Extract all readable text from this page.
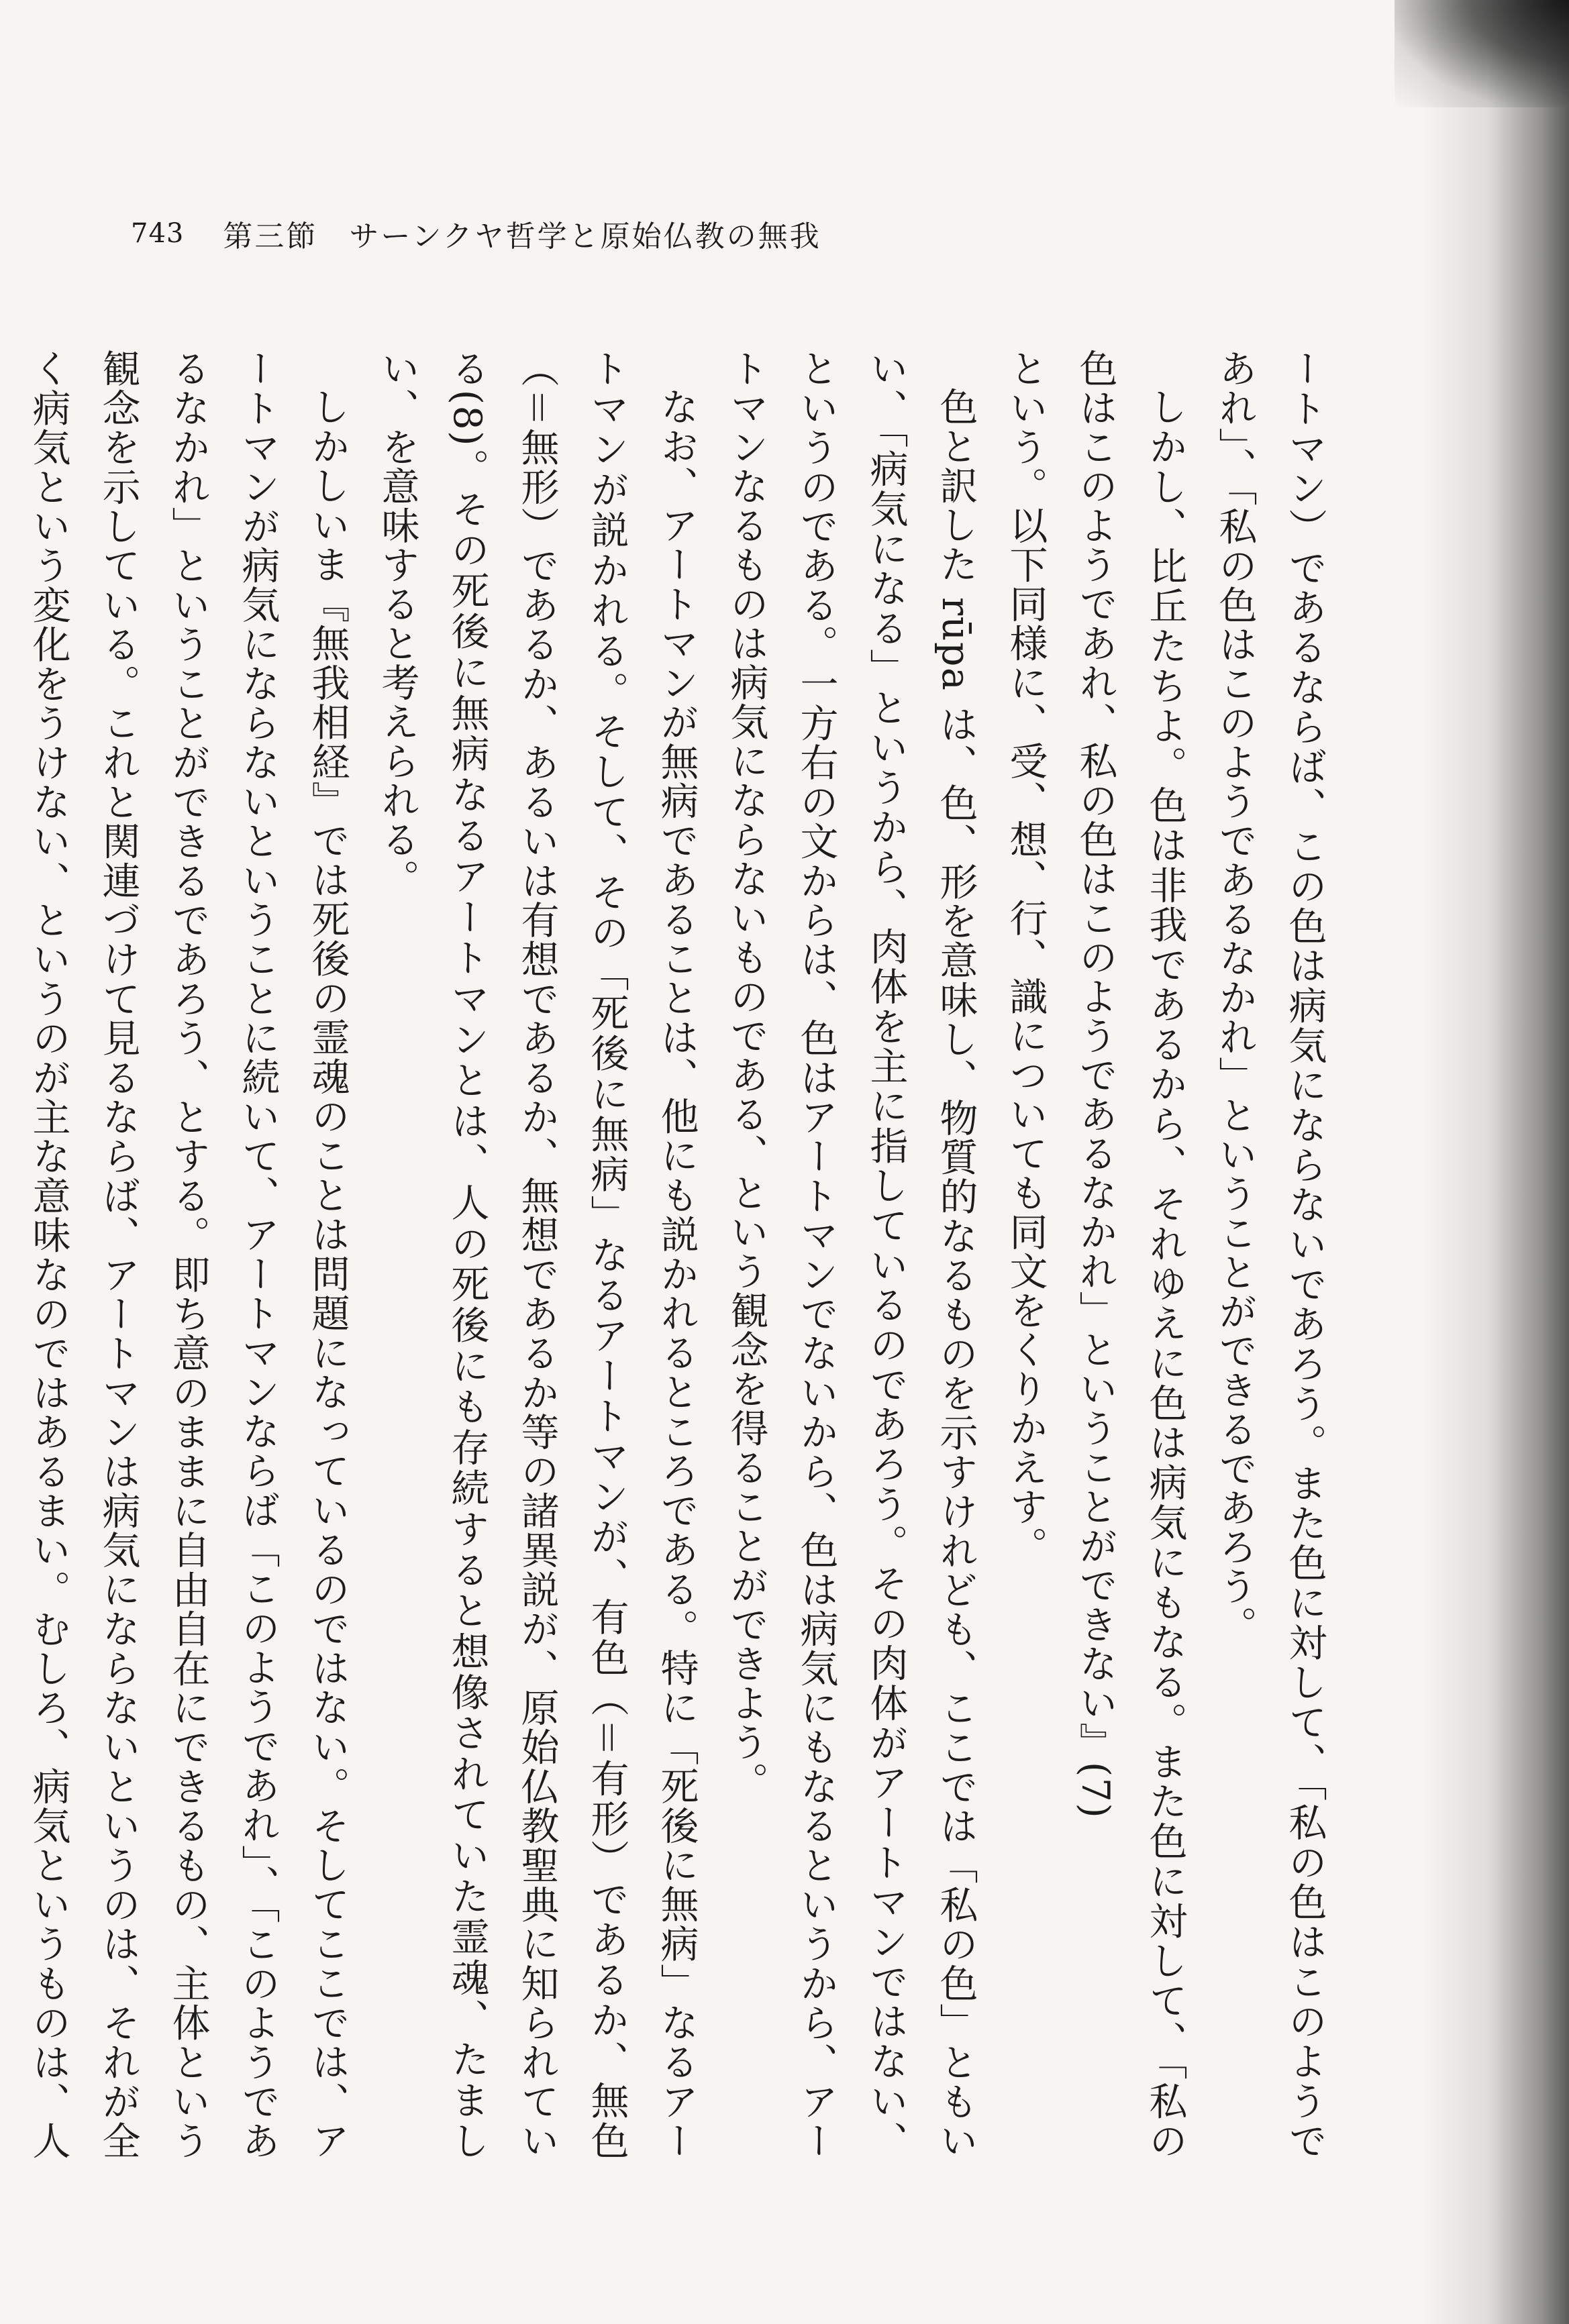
743 第三節　サーンクヤ哲学と原始仏教の無我

ートマン）であるならば、この色は病気にならないであろう。また色に対して、「私の色はこのようであれ」、「私の色はこのようであるなかれ」ということができるであろう。

しかし、比丘たちよ。色は非我であるから、それゆえに色は病気にもなる。また色に対して、「私の色はこのようであれ、私の色はこのようであるなかれ」ということができない』(7)

という。以下同様に、受、想、行、識についても同文をくりかえす。

色と訳した rūpa は、色、形を意味し、物質的なるものを示すけれども、ここでは「私の色」ともいい、「病気になる」というから、肉体を主に指しているのであろう。その肉体がアートマンではない、というのである。一方右の文からは、色はアートマンでないから、色は病気にもなるというから、アートマンなるものは病気にならないものである、という観念を得ることができよう。

なお、アートマンが無病であることは、他にも説かれるところである。特に「死後に無病」なるアートマンが説かれる。そして、その「死後に無病」なるアートマンが、有色（＝有形）であるか、無色（＝無形）であるか、あるいは有想であるか、無想であるか等の諸異説が、原始仏教聖典に知られている(8)。その死後に無病なるアートマンとは、人の死後にも存続すると想像されていた霊魂、たましい、を意味すると考えられる。

しかしいま『無我相経』では死後の霊魂のことは問題になっているのではない。そしてここでは、アートマンが病気にならないということに続いて、アートマンならば「このようであれ」、「このようであるなかれ」ということができるであろう、とする。即ち意のままに自由自在にできるもの、主体という観念を示している。これと関連づけて見るならば、アートマンは病気にならないというのは、それが全く病気という変化をうけない、というのが主な意味なのではあるまい。むしろ、病気というものは、人
